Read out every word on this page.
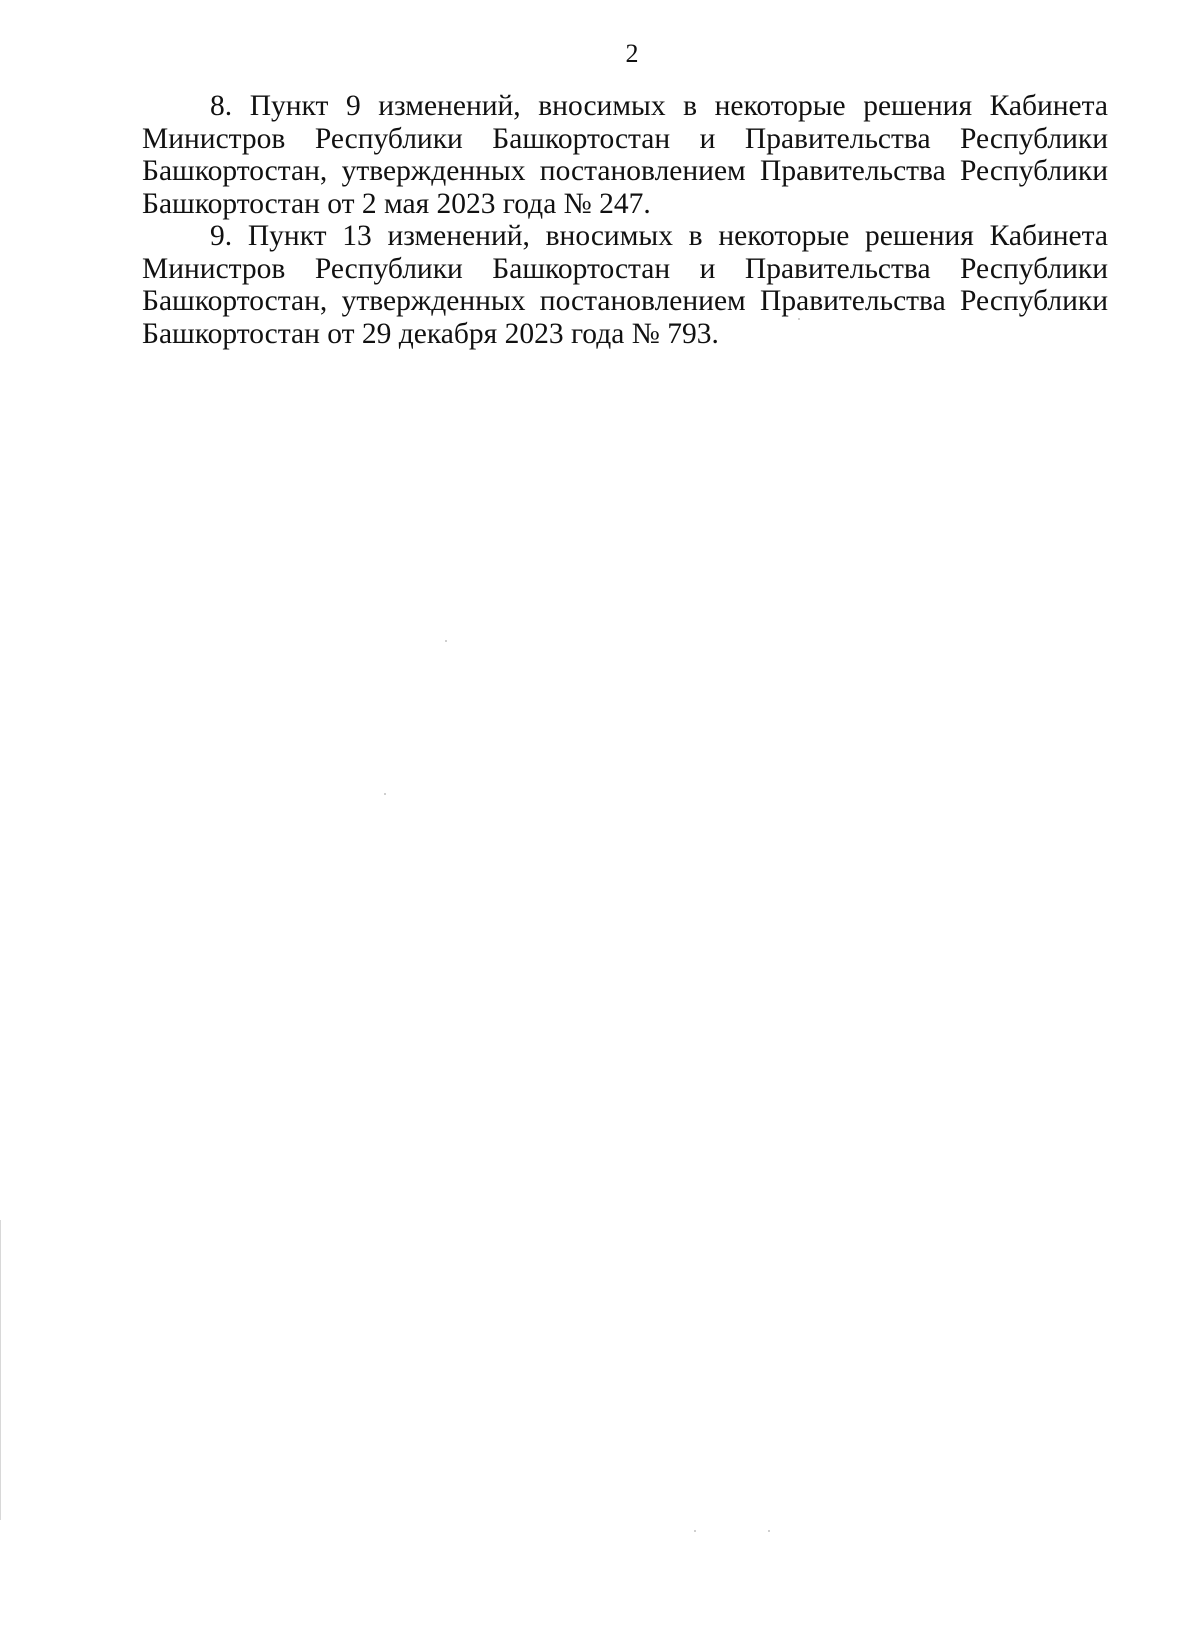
2

8. Пункт 9 изменений, вносимых в некоторые решения Кабинета Министров Республики Башкортостан и Правительства Республики Башкортостан, утвержденных постановлением Правительства Республики Башкортостан от 2 мая 2023 года № 247.

9. Пункт 13 изменений, вносимых в некоторые решения Кабинета Министров Республики Башкортостан и Правительства Республики Башкортостан, утвержденных постановлением Правительства Республики Башкортостан от 29 декабря 2023 года № 793.
